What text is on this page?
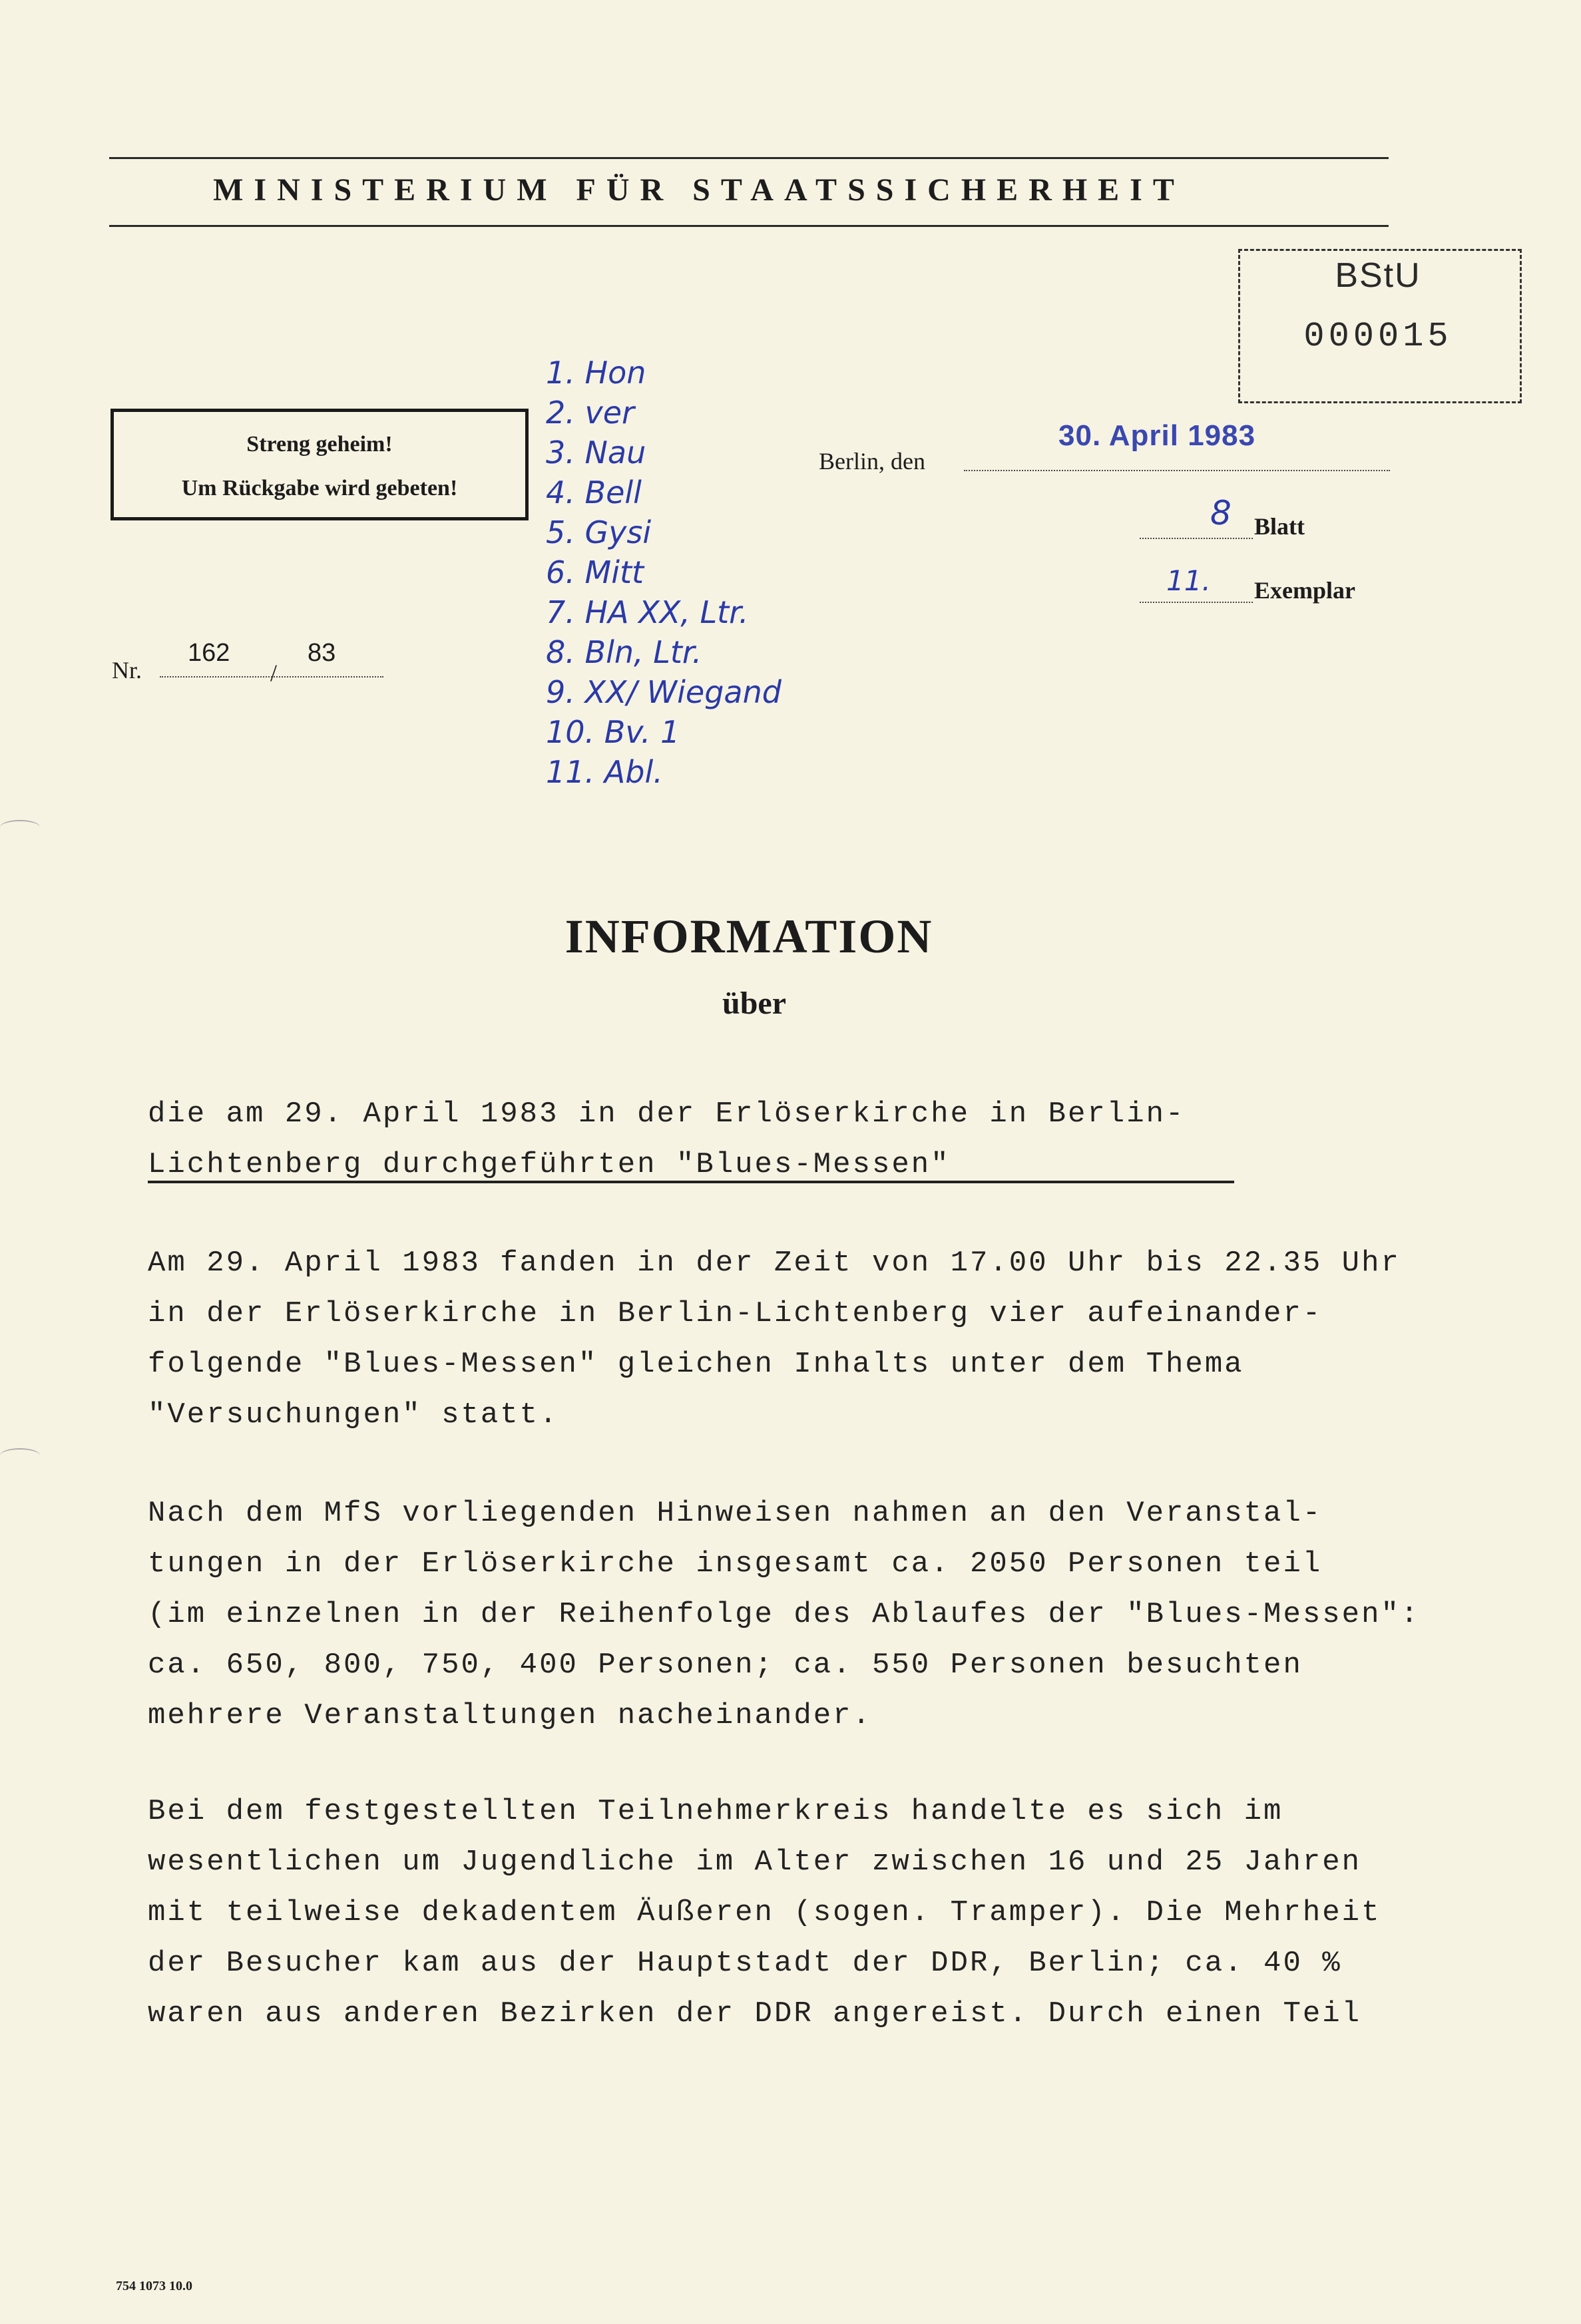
MINISTERIUM FÜR STAATSSICHERHEIT
BStU
000015
Streng geheim!
Um Rückgabe wird gebeten!
1. Hon
2. ver
3. Nau
4. Bell
5. Gysi
6. Mitt
7. HA XX, Ltr.
8. Bln, Ltr.
9. XX/ Wiegand
10. Bv. 1
11. Abl.
30. April 1983
Berlin, den
8 Blatt
11. Exemplar
Nr.
162
/
83
INFORMATION
über
die am 29. April 1983 in der Erlöserkirche in Berlin-
Lichtenberg durchgeführten "Blues-Messen"
Am 29. April 1983 fanden in der Zeit von 17.00 Uhr bis 22.35 Uhr
in der Erlöserkirche in Berlin-Lichtenberg vier aufeinander-
folgende "Blues-Messen" gleichen Inhalts unter dem Thema
"Versuchungen" statt.
Nach dem MfS vorliegenden Hinweisen nahmen an den Veranstal-
tungen in der Erlöserkirche insgesamt ca. 2050 Personen teil
(im einzelnen in der Reihenfolge des Ablaufes der "Blues-Messen":
ca. 650, 800, 750, 400 Personen; ca. 550 Personen besuchten
mehrere Veranstaltungen nacheinander.
Bei dem festgestellten Teilnehmerkreis handelte es sich im
wesentlichen um Jugendliche im Alter zwischen 16 und 25 Jahren
mit teilweise dekadentem Äußeren (sogen. Tramper). Die Mehrheit
der Besucher kam aus der Hauptstadt der DDR, Berlin; ca. 40 %
waren aus anderen Bezirken der DDR angereist. Durch einen Teil
754 1073 10.0
